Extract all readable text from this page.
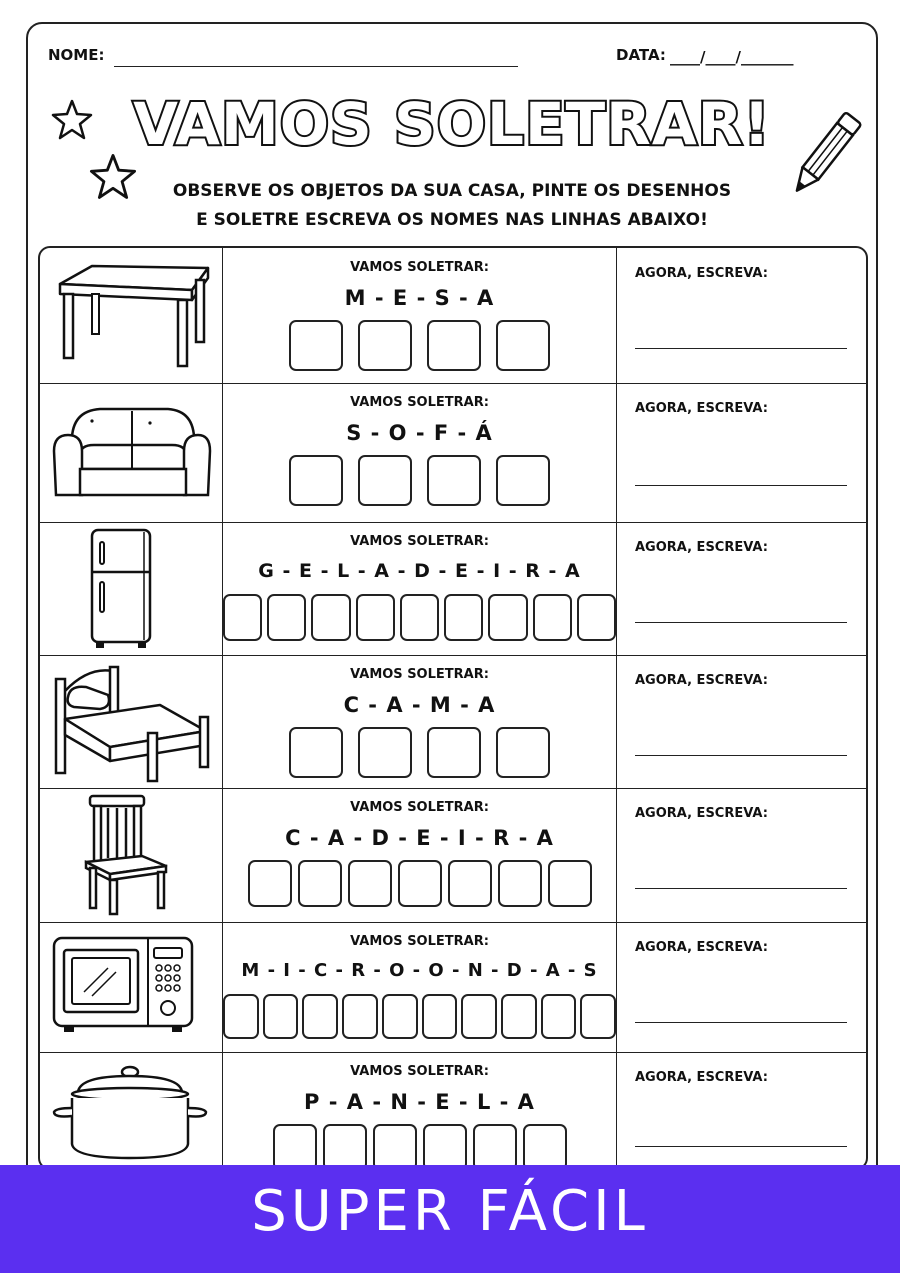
NOME:	DATA: ____/____/_______
VAMOS SOLETRAR!
OBSERVE OS OBJETOS DA SUA CASA, PINTE OS DESENHOS
E SOLETRE ESCREVA OS NOMES NAS LINHAS ABAIXO!
VAMOS SOLETRAR:
M - E - S - A
AGORA, ESCREVA:
VAMOS SOLETRAR:
S - O - F - Á
AGORA, ESCREVA:
VAMOS SOLETRAR:
G - E - L - A - D - E - I - R - A
AGORA, ESCREVA:
VAMOS SOLETRAR:
C - A - M - A
AGORA, ESCREVA:
VAMOS SOLETRAR:
C - A - D - E - I - R - A
AGORA, ESCREVA:
VAMOS SOLETRAR:
M - I - C - R - O - O - N - D - A - S
AGORA, ESCREVA:
VAMOS SOLETRAR:
P - A - N - E - L - A
AGORA, ESCREVA:
SUPER FÁCIL
